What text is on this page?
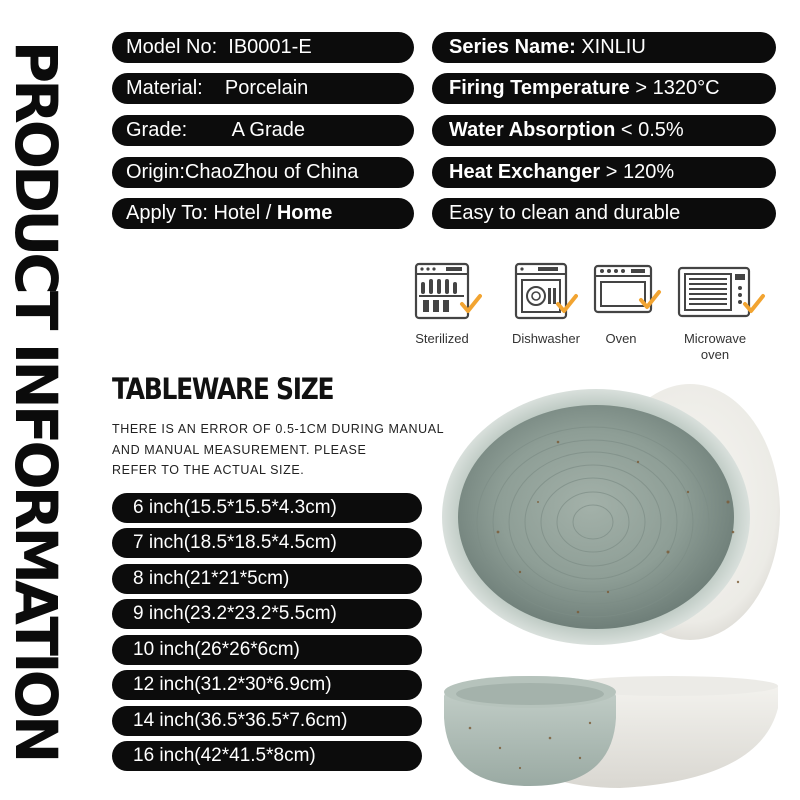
PRODUCT INFORMATION	Model No: IB0001-E
Material: Porcelain
Grade: A Grade
Origin: ChaoZhou of China
Apply To: Hotel / Home
Series Name: XINLIU
Firing Temperature > 1320°C
Water Absorption < 0.5%
Heat Exchanger > 120%
Easy to clean and durable
Sterilized	Dishwasher	Oven	Microwave
oven
TABLEWARE SIZE
THERE IS AN ERROR OF 0.5-1CM DURING MANUAL
AND MANUAL MEASUREMENT. PLEASE
REFER TO THE ACTUAL SIZE.
6 inch(15.5*15.5*4.3cm)
7 inch(18.5*18.5*4.5cm)
8 inch(21*21*5cm)
9 inch(23.2*23.2*5.5cm)
10 inch(26*26*6cm)
12 inch(31.2*30*6.9cm)
14 inch(36.5*36.5*7.6cm)
16 inch(42*41.5*8cm)
